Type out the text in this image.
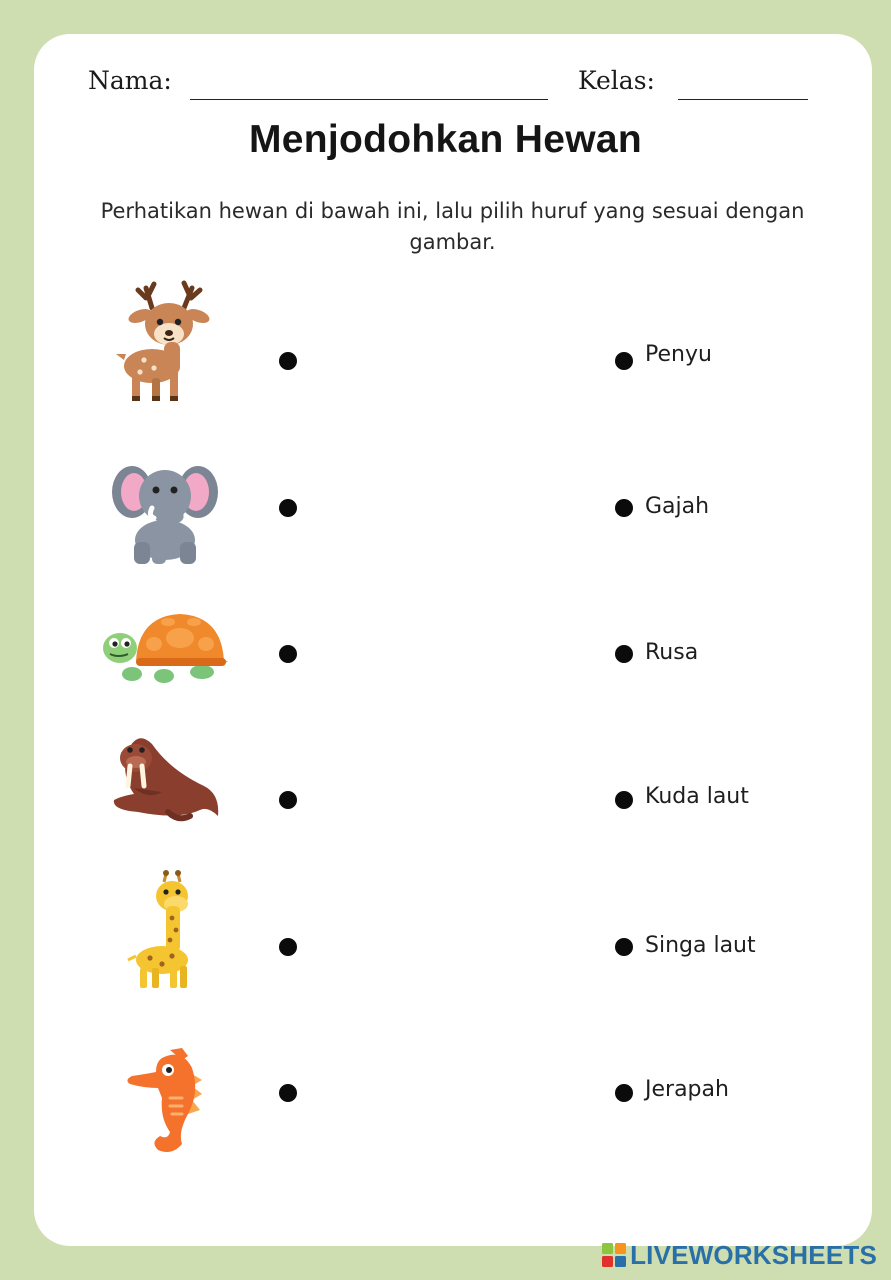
Nama:	Kelas:
Menjodohkan Hewan
Perhatikan hewan di bawah ini, lalu pilih huruf yang sesuai dengan gambar.
Penyu
Gajah
Rusa
Kuda laut
Singa laut
Jerapah
LIVEWORKSHEETS
